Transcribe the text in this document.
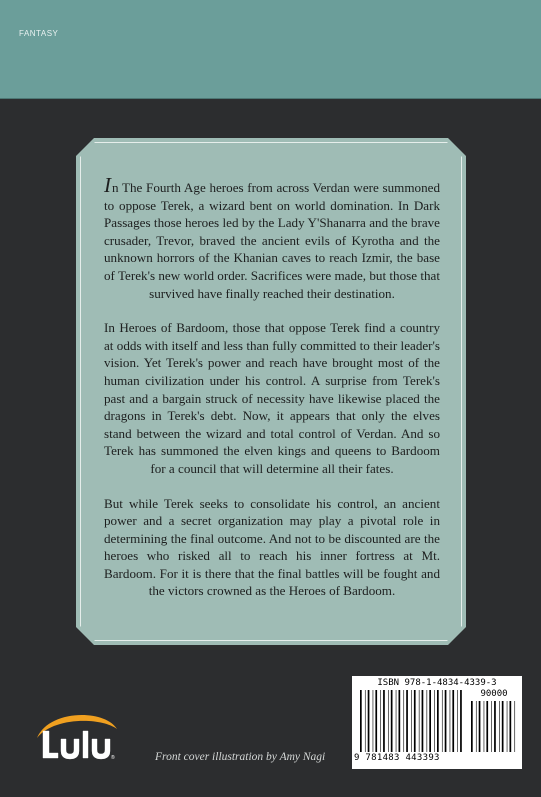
FANTASY

In The Fourth Age heroes from across Verdan were summoned to oppose Terek, a wizard bent on world domination. In Dark Passages those heroes led by the Lady Y'Shanarra and the brave crusader, Trevor, braved the ancient evils of Kyrotha and the unknown horrors of the Khanian caves to reach Izmir, the base of Terek's new world order. Sacrifices were made, but those that survived have finally reached their destination.

In Heroes of Bardoom, those that oppose Terek find a country at odds with itself and less than fully committed to their leader's vision. Yet Terek's power and reach have brought most of the human civilization under his control. A surprise from Terek's past and a bargain struck of necessity have likewise placed the dragons in Terek's debt. Now, it appears that only the elves stand between the wizard and total control of Verdan. And so Terek has summoned the elven kings and queens to Bardoom for a council that will determine all their fates.

But while Terek seeks to consolidate his control, an ancient power and a secret organization may play a pivotal role in determining the final outcome. And not to be discounted are the heroes who risked all to reach his inner fortress at Mt. Bardoom. For it is there that the final battles will be fought and the victors crowned as the Heroes of Bardoom.

ISBN 978-1-4834-4339-3
90000
9 781483 443393
®	Front cover illustration by Amy Nagi
